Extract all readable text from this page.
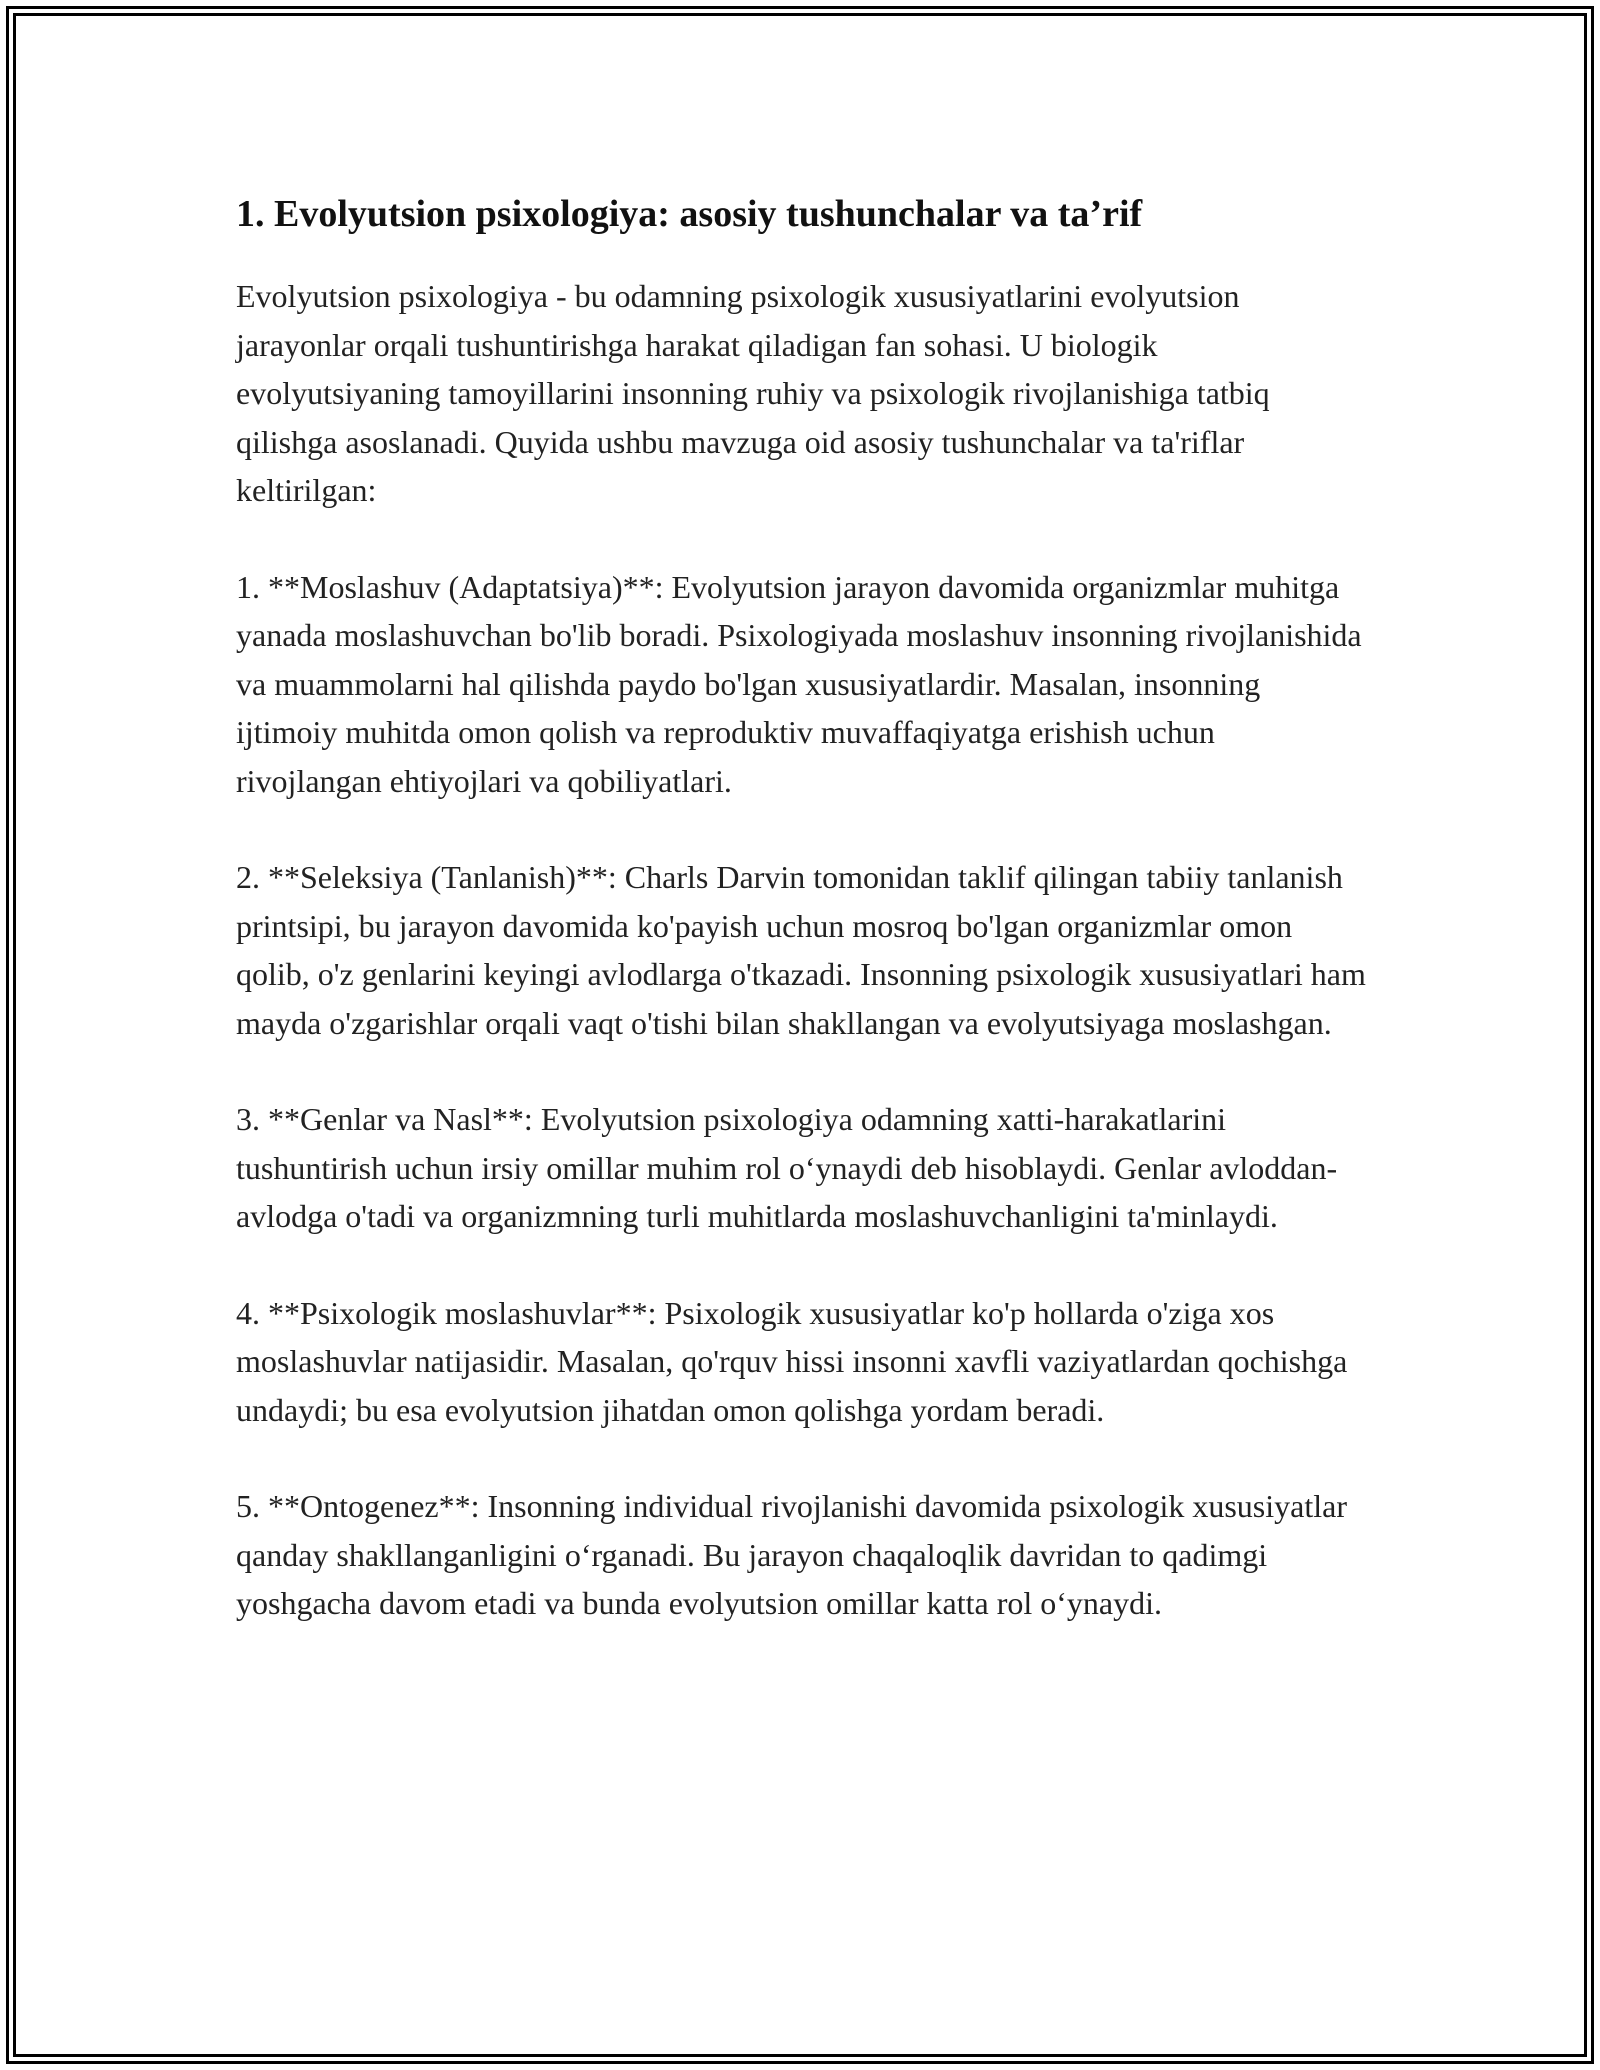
1. Evolyutsion psixologiya: asosiy tushunchalar va ta’rif

Evolyutsion psixologiya - bu odamning psixologik xususiyatlarini evolyutsion jarayonlar orqali tushuntirishga harakat qiladigan fan sohasi. U biologik evolyutsiyaning tamoyillarini insonning ruhiy va psixologik rivojlanishiga tatbiq qilishga asoslanadi. Quyida ushbu mavzuga oid asosiy tushunchalar va ta'riflar keltirilgan:

1. **Moslashuv (Adaptatsiya)**: Evolyutsion jarayon davomida organizmlar muhitga yanada moslashuvchan bo'lib boradi. Psixologiyada moslashuv insonning rivojlanishida va muammolarni hal qilishda paydo bo'lgan xususiyatlardir. Masalan, insonning ijtimoiy muhitda omon qolish va reproduktiv muvaffaqiyatga erishish uchun rivojlangan ehtiyojlari va qobiliyatlari.

2. **Seleksiya (Tanlanish)**: Charls Darvin tomonidan taklif qilingan tabiiy tanlanish printsipi, bu jarayon davomida ko'payish uchun mosroq bo'lgan organizmlar omon qolib, o'z genlarini keyingi avlodlarga o'tkazadi. Insonning psixologik xususiyatlari ham mayda o'zgarishlar orqali vaqt o'tishi bilan shakllangan va evolyutsiyaga moslashgan.

3. **Genlar va Nasl**: Evolyutsion psixologiya odamning xatti-harakatlarini tushuntirish uchun irsiy omillar muhim rol o‘ynaydi deb hisoblaydi. Genlar avloddan-avlodga o'tadi va organizmning turli muhitlarda moslashuvchanligini ta'minlaydi.

4. **Psixologik moslashuvlar**: Psixologik xususiyatlar ko'p hollarda o'ziga xos moslashuvlar natijasidir. Masalan, qo'rquv hissi insonni xavfli vaziyatlardan qochishga undaydi; bu esa evolyutsion jihatdan omon qolishga yordam beradi.

5. **Ontogenez**: Insonning individual rivojlanishi davomida psixologik xususiyatlar qanday shakllanganligini o‘rganadi. Bu jarayon chaqaloqlik davridan to qadimgi yoshgacha davom etadi va bunda evolyutsion omillar katta rol o‘ynaydi.
